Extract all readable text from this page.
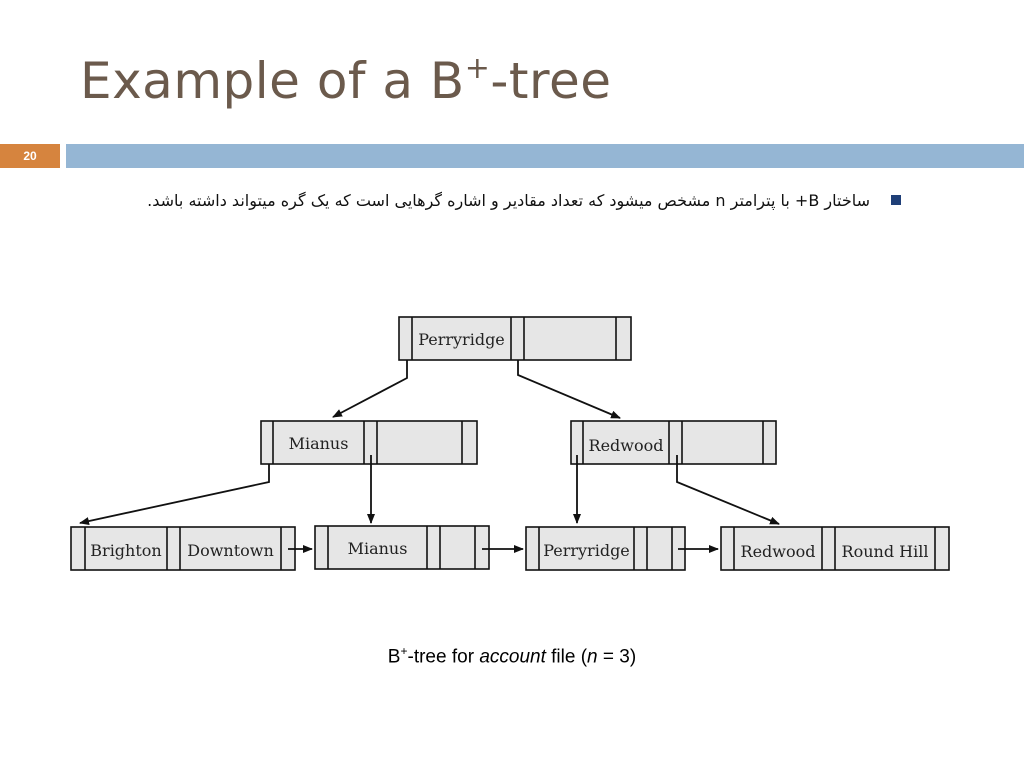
Example of a B+-tree
20

ساختار B+ با پترامتر n مشخص میشود که تعداد مقادیر و اشاره گرهایی است که یک گره میتواند داشته باشد.

Perryridge
Mianus	Redwood
Brighton Downtown	Mianus	Perryridge	Redwood Round Hill

B+-tree for account file (n = 3)
